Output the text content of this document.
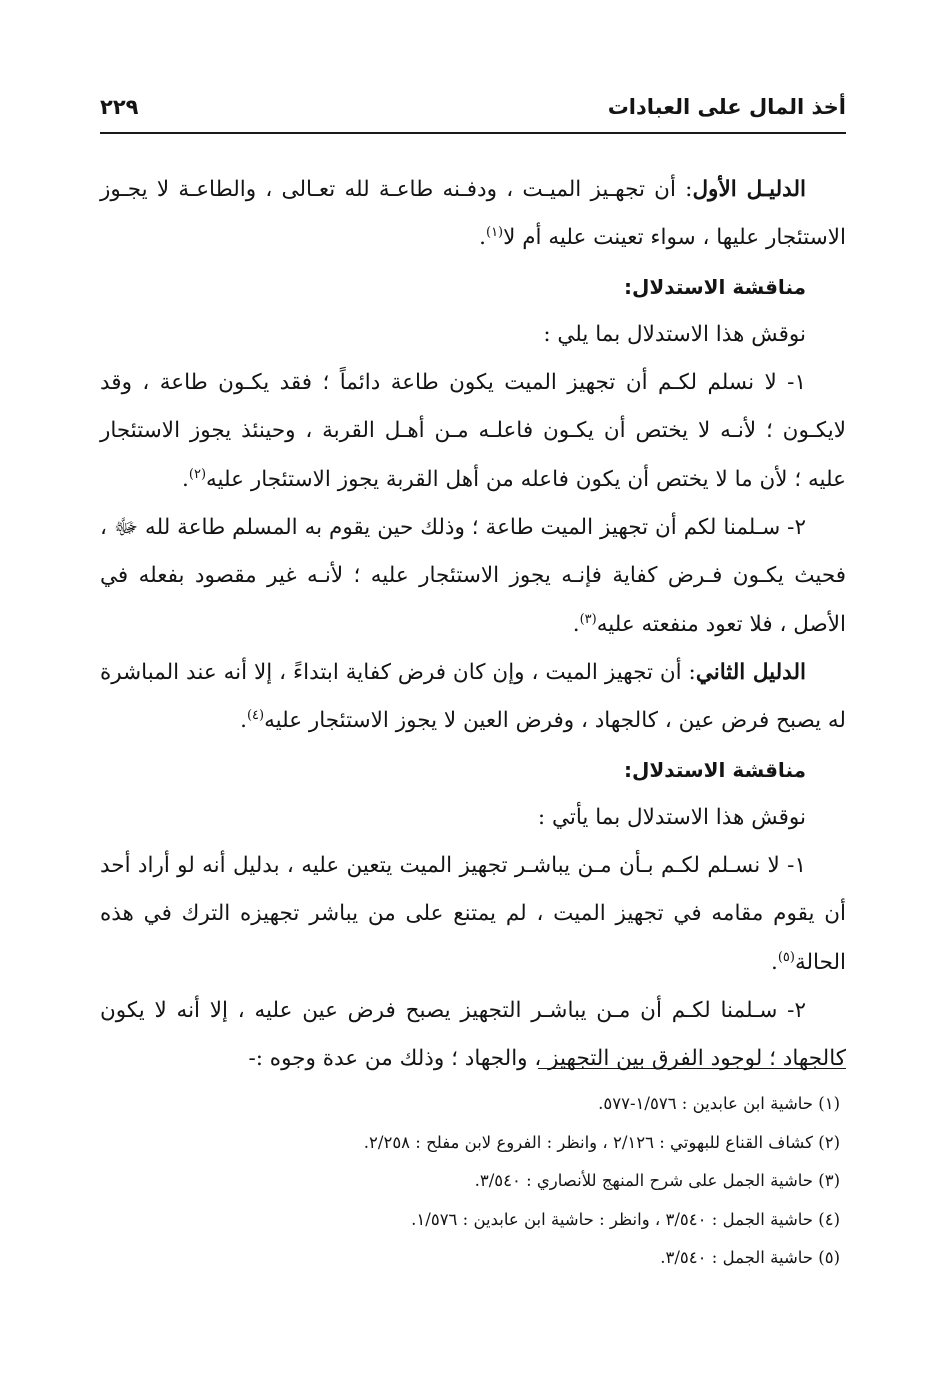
أخذ المال على العبادات
٢٢٩

الدليـل الأول: أن تجهـيز الميـت ، ودفـنه طاعـة لله تعـالى ، والطاعـة لا يجـوز الاستئجار عليها ، سواء تعينت عليه أم لا$^{(١)}$.

مناقشة الاستدلال:

نوقش هذا الاستدلال بما يلي :

١- لا نسلم لكـم أن تجهيز الميت يكون طاعة دائماً ؛ فقد يكـون طاعة ، وقد لايكـون ؛ لأنـه لا يختص أن يكـون فاعلـه مـن أهـل القربة ، وحينئذ يجوز الاستئجار عليه ؛ لأن ما لا يختص أن يكون فاعله من أهل القربة يجوز الاستئجار عليه$^{(٢)}$.

٢- سـلمنا لكم أن تجهيز الميت طاعة ؛ وذلك حين يقوم به المسلم طاعة لله ﷻ ، فحيث يكـون فـرض كفاية فإنـه يجوز الاستئجار عليه ؛ لأنـه غير مقصود بفعله في الأصل ، فلا تعود منفعته عليه$^{(٣)}$.

الدليل الثاني: أن تجهيز الميت ، وإن كان فرض كفاية ابتداءً ، إلا أنه عند المباشرة له يصبح فرض عين ، كالجهاد ، وفرض العين لا يجوز الاستئجار عليه$^{(٤)}$.

مناقشة الاستدلال:

نوقش هذا الاستدلال بما يأتي :

١- لا نسـلم لكـم بـأن مـن يباشـر تجهيز الميت يتعين عليه ، بدليل أنه لو أراد أحد أن يقوم مقامه في تجهيز الميت ، لم يمتنع على من يباشر تجهيزه الترك في هذه الحالة$^{(٥)}$.

٢- سـلمنا لكـم أن مـن يباشـر التجهيز يصبح فرض عين عليه ، إلا أنه لا يكون كالجهاد ؛ لوجود الفرق بين التجهيز ، والجهاد ؛ وذلك من عدة وجوه :-

(١) حاشية ابن عابدين : ١/٥٧٦-٥٧٧.

(٢) كشاف القناع للبهوتي : ٢/١٢٦ ، وانظر : الفروع لابن مفلح : ٢/٢٥٨.

(٣) حاشية الجمل على شرح المنهج للأنصاري : ٣/٥٤٠.

(٤) حاشية الجمل : ٣/٥٤٠ ، وانظر : حاشية ابن عابدين : ١/٥٧٦.

(٥) حاشية الجمل : ٣/٥٤٠.
